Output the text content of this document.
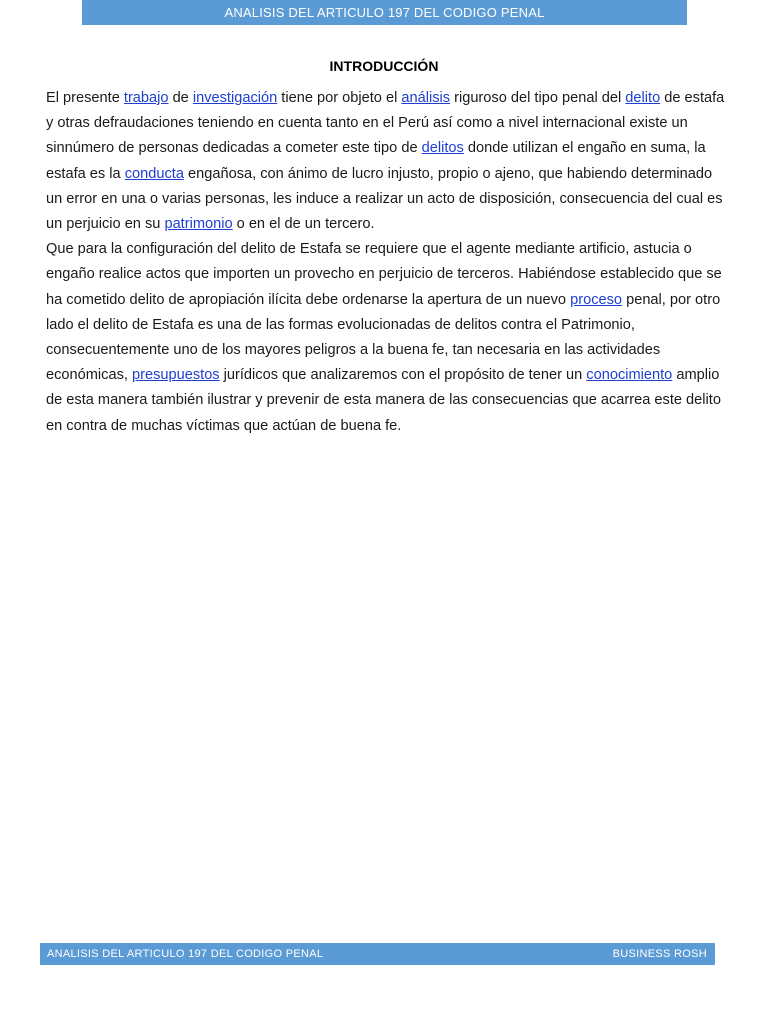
ANALISIS DEL ARTICULO 197 DEL CODIGO PENAL
INTRODUCCIÓN

El presente trabajo de investigación tiene por objeto el análisis riguroso del tipo penal del delito de estafa y otras defraudaciones teniendo en cuenta tanto en el Perú así como a nivel internacional existe un sinnúmero de personas dedicadas a cometer este tipo de delitos donde utilizan el engaño en suma, la estafa es la conducta engañosa, con ánimo de lucro injusto, propio o ajeno, que habiendo determinado un error en una o varias personas, les induce a realizar un acto de disposición, consecuencia del cual es un perjuicio en su patrimonio o en el de un tercero.

Que para la configuración del delito de Estafa se requiere que el agente mediante artificio, astucia o engaño realice actos que importen un provecho en perjuicio de terceros. Habiéndose establecido que se ha cometido delito de apropiación ilícita debe ordenarse la apertura de un nuevo proceso penal, por otro lado el delito de Estafa es una de las formas evolucionadas de delitos contra el Patrimonio, consecuentemente uno de los mayores peligros a la buena fe, tan necesaria en las actividades económicas, presupuestos jurídicos que analizaremos con el propósito de tener un conocimiento amplio de esta manera también ilustrar y prevenir de esta manera de las consecuencias que acarrea este delito en contra de muchas víctimas que actúan de buena fe.

ANALISIS DEL ARTICULO 197 DEL CODIGO PENAL	BUSINESS ROSH
